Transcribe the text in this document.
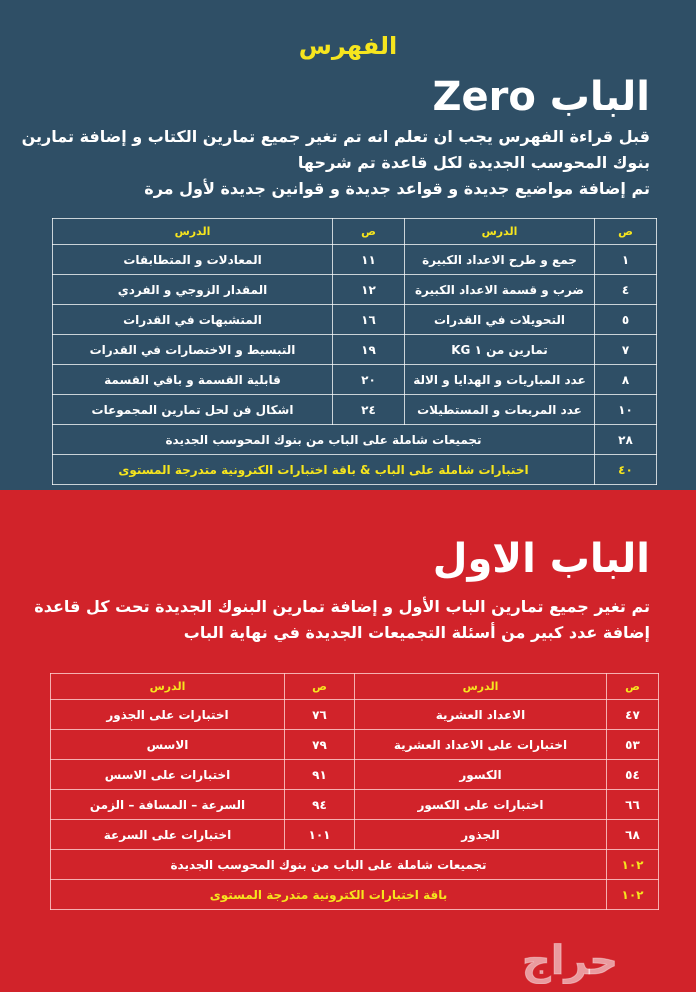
الفهرس
الباب Zero

قبل قراءة الفهرس يجب ان تعلم انه تم تغير جميع تمارين الكتاب و إضافة تمارين

بنوك المحوسب الجديدة لكل قاعدة تم شرحها

تم إضافة مواضيع جديدة و قواعد جديدة و قوانين جديدة لأول مرة

ص	الدرس	ص	الدرس
١	جمع و طرح الاعداد الكبيرة	١١	المعادلات و المتطابقات
٤	ضرب و قسمة الاعداد الكبيرة	١٢	المقدار الزوجي و الفردي
٥	التحويلات في القدرات	١٦	المتشبهات في القدرات
٧	تمارين من ١ KG	١٩	التبسيط و الاختصارات في القدرات
٨	عدد المباريات و الهدايا و الالة	٢٠	قابلية القسمة و باقي القسمة
١٠	عدد المربعات و المستطيلات	٢٤	اشكال فن لحل تمارين المجموعات
٢٨	تجميعات شاملة على الباب من بنوك المحوسب الجديدة		
٤٠	اختبارات شاملة على الباب & باقة اختبارات الكترونية متدرجة المستوى		
الباب الاول

تم تغير جميع تمارين الباب الأول و إضافة تمارين البنوك الجديدة تحت كل قاعدة

إضافة عدد كبير من أسئلة التجميعات الجديدة في نهاية الباب

ص	الدرس	ص	الدرس
٤٧	الاعداد العشرية	٧٦	اختبارات على الجذور
٥٣	اختبارات على الاعداد العشرية	٧٩	الاسس
٥٤	الكسور	٩١	اختبارات على الاسس
٦٦	اختبارات على الكسور	٩٤	السرعة – المسافة – الزمن
٦٨	الجذور	١٠١	اختبارات على السرعة
١٠٢	تجميعات شاملة على الباب من بنوك المحوسب الجديدة		
١٠٢	باقة اختبارات الكترونية متدرجة المستوى		
حراج
